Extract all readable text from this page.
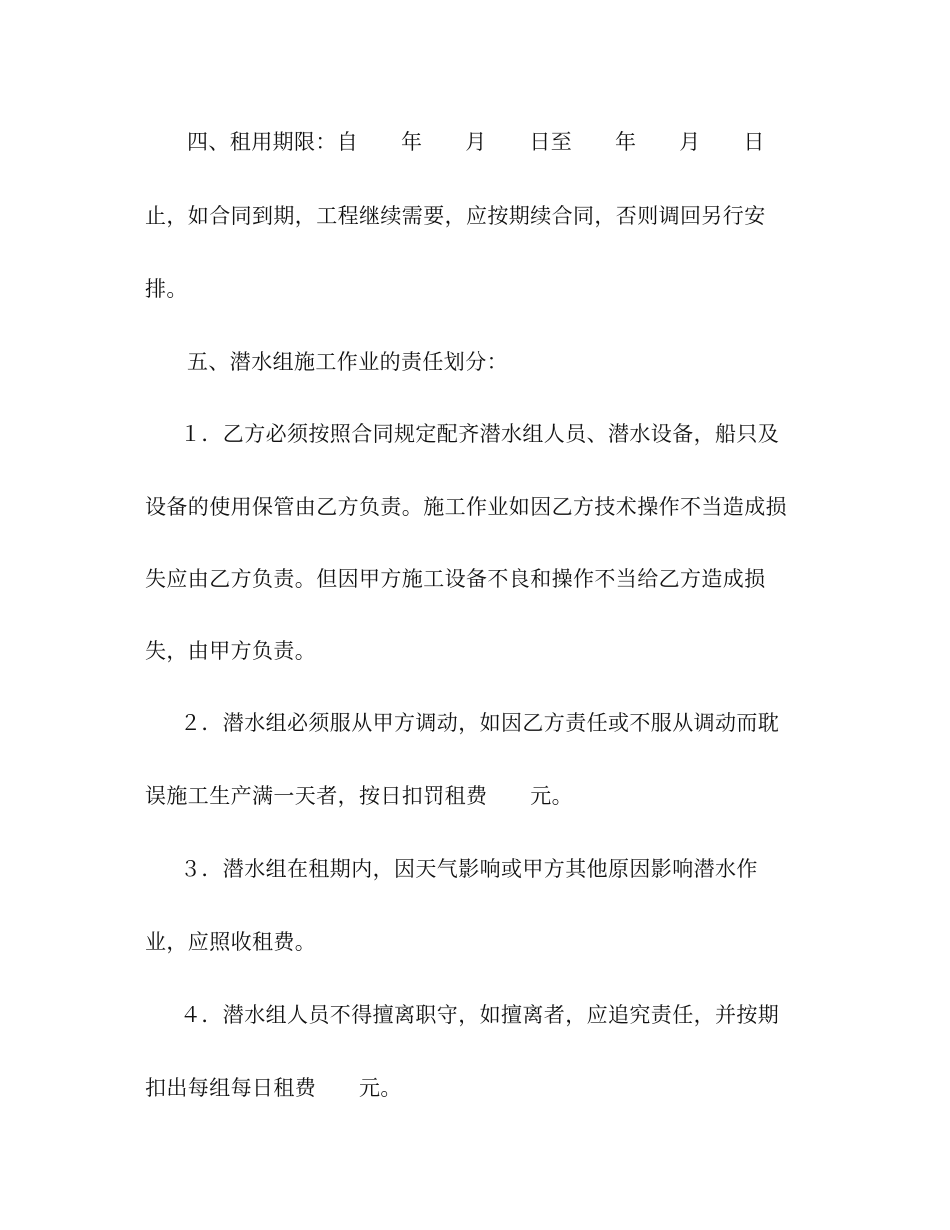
四、租用期限：自　　年　　月　　日至　　年　　月　　日
止，如合同到期，工程继续需要，应按期续合同，否则调回另行安
排。
五、潜水组施工作业的责任划分：
１．乙方必须按照合同规定配齐潜水组人员、潜水设备，船只及
设备的使用保管由乙方负责。施工作业如因乙方技术操作不当造成损
失应由乙方负责。但因甲方施工设备不良和操作不当给乙方造成损
失，由甲方负责。
２．潜水组必须服从甲方调动，如因乙方责任或不服从调动而耽
误施工生产满一天者，按日扣罚租费　　元。
３．潜水组在租期内，因天气影响或甲方其他原因影响潜水作
业，应照收租费。
４．潜水组人员不得擅离职守，如擅离者，应追究责任，并按期
扣出每组每日租费　　元。
